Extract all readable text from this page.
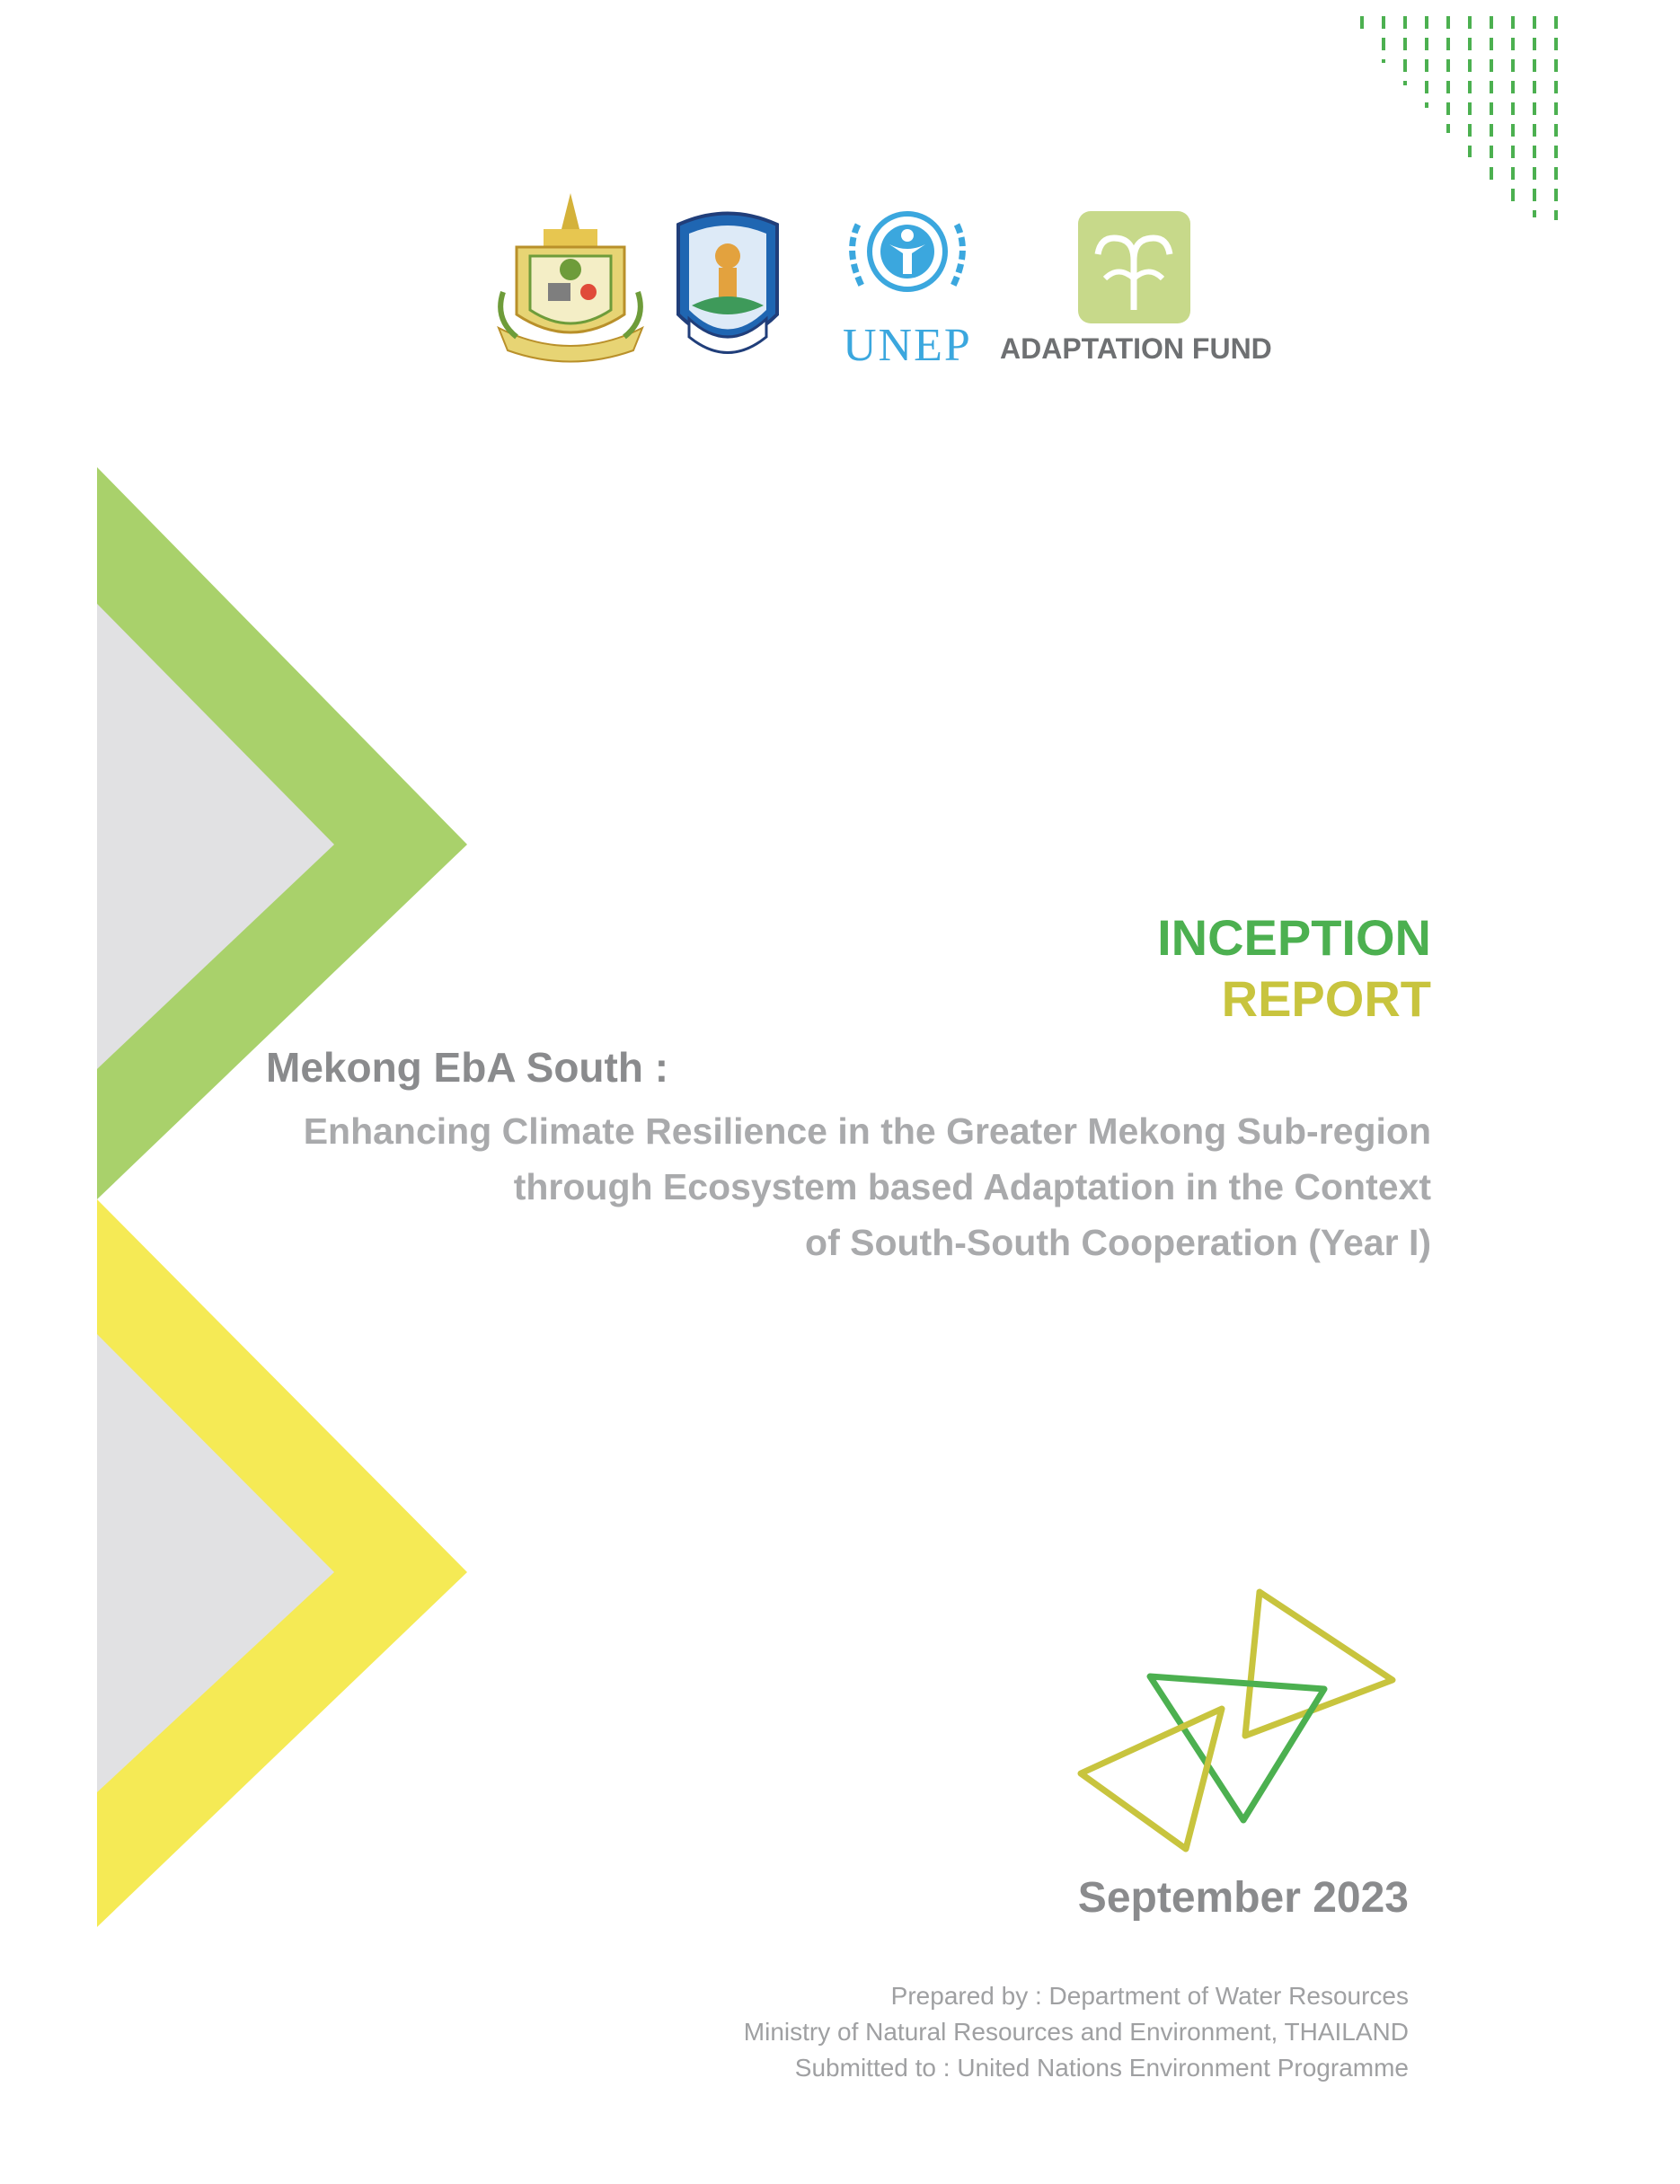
UNEP ADAPTATION FUND
INCEPTION
REPORT
Mekong EbA South :
Enhancing Climate Resilience in the Greater Mekong Sub-region
through Ecosystem based Adaptation in the Context
of South-South Cooperation (Year I)
September 2023
Prepared by : Department of Water Resources
Ministry of Natural Resources and Environment, THAILAND
Submitted to : United Nations Environment Programme
